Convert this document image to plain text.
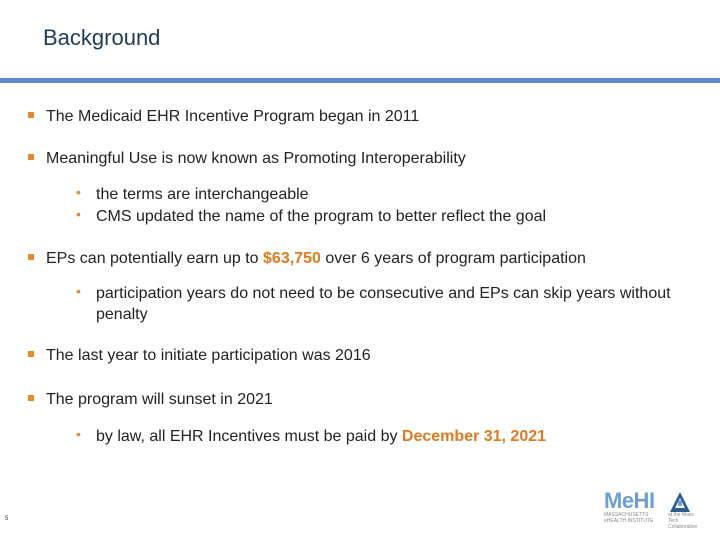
Background
The Medicaid EHR Incentive Program began in 2011
Meaningful Use is now known as Promoting Interoperability
• the terms are interchangeable
• CMS updated the name of the program to better reflect the goal
EPs can potentially earn up to $63,750 over 6 years of program participation
• participation years do not need to be consecutive and EPs can skip years without penalty
The last year to initiate participation was 2016
The program will sunset in 2021
• by law, all EHR Incentives must be paid by December 31, 2021
5
MeHI
MASSACHUSETTS eHEALTH INSTITUTE
at the Mass Tech Collaborative
